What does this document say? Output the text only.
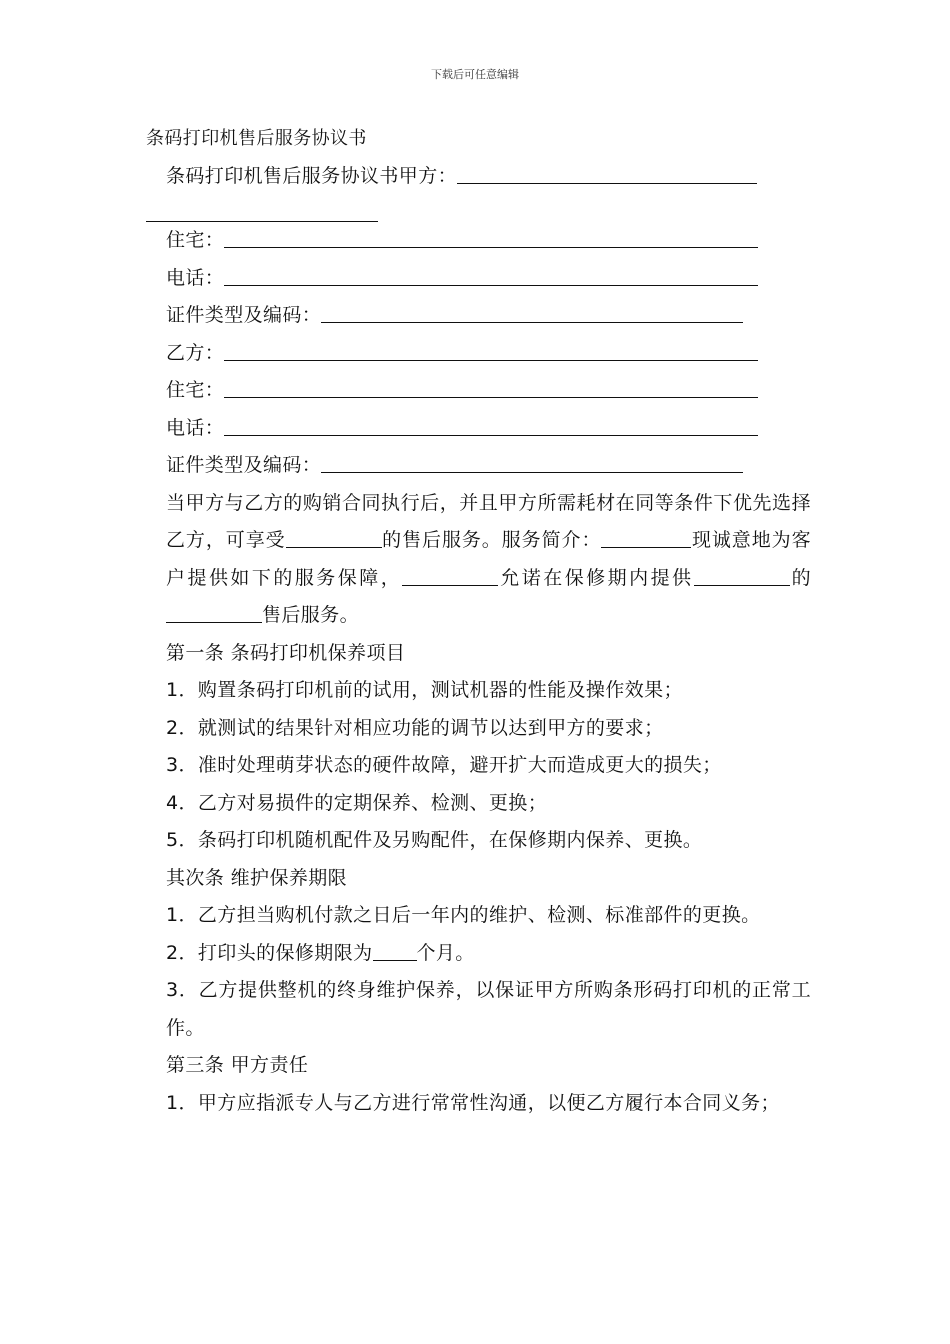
下载后可任意编辑

条码打印机售后服务协议书

条码打印机售后服务协议书甲方：

住宅：

电话：

证件类型及编码：

乙方：

住宅：

电话：

证件类型及编码：

当甲方与乙方的购销合同执行后，并且甲方所需耗材在同等条件下优先选择乙方，可享受	的售后服务。服务简介：	现诚意地为客户提供如下的服务保障，	允诺在保修期内提供	的售后服务。

第一条 条码打印机保养项目

1．购置条码打印机前的试用，测试机器的性能及操作效果；

2．就测试的结果针对相应功能的调节以达到甲方的要求；

3．准时处理萌芽状态的硬件故障，避开扩大而造成更大的损失；

4．乙方对易损件的定期保养、检测、更换；

5．条码打印机随机配件及另购配件，在保修期内保养、更换。

其次条 维护保养期限

1．乙方担当购机付款之日后一年内的维护、检测、标准部件的更换。

2．打印头的保修期限为 个月。

3．乙方提供整机的终身维护保养，以保证甲方所购条形码打印机的正常工作。

第三条 甲方责任

1．甲方应指派专人与乙方进行常常性沟通，以便乙方履行本合同义务；
